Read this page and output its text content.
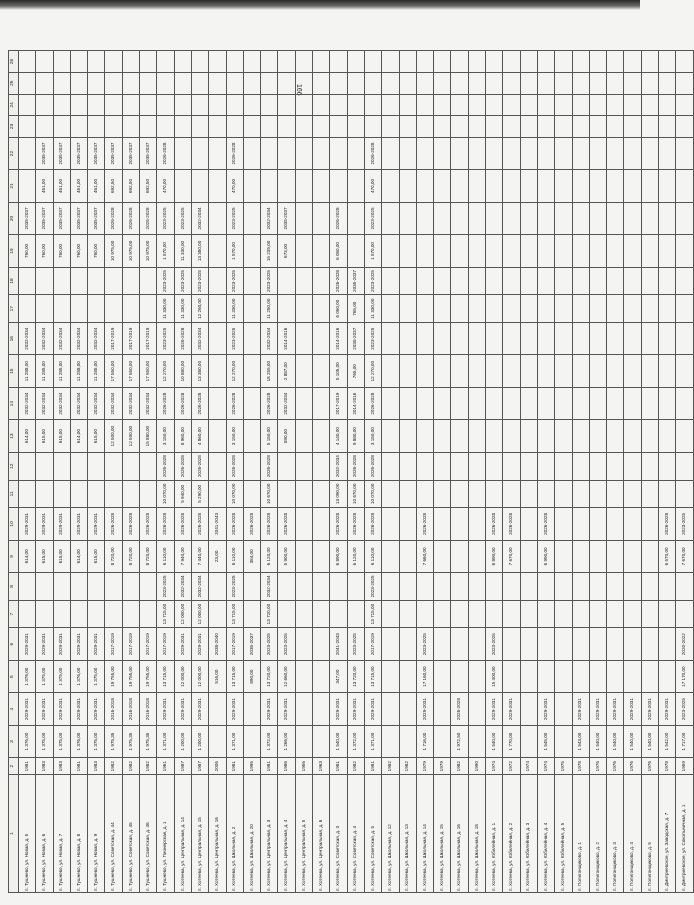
166
1	2	3	4	5	6	7	8	9	10	11	12	13	14	15	16	17	18	19	20	21	22	23	24	25	26
п. Тушнево, ул. Новая, д. 5	1981	1 376,00	2029-2031	1 376,00	2029-2031			614,00	2029-2031			614,00	2032-2034	11 288,00	2032-2034			760,00	2035-2037						
п. Тушнево, ул. Новая, д. 6	1983	1 375,00	2029-2031	1 375,00	2029-2031			615,00	2029-2031			615,00	2032-2034	11 285,00	2032-2034			760,00	2035-2037	461,00	2035-2037				
п. Тушнево, ул. Новая, д. 7	1983	1 375,00	2029-2031	1 375,00	2029-2031			615,00	2029-2031			615,00	2032-2034	11 285,00	2032-2034			760,00	2035-2037	461,00	2035-2037				
п. Тушнево, ул. Новая, д. 8	1981	1 376,00	2029-2031	1 376,00	2029-2031			614,00	2029-2031			614,00	2032-2034	11 288,00	2032-2034			760,00	2035-2037	461,00	2035-2037				
п. Тушнево, ул. Новая, д. 9	1983	1 375,00	2029-2031	1 375,00	2029-2031			615,00	2029-2031			615,00	2032-2034	11 285,00	2032-2034			760,00	2035-2037	461,00	2035-2037				
п. Тушнево, ул. Советская, д. 44	1982	1 975,35	2016-2018	19 755,00	2017-2019			8 720,00	2026-2028			12 500,00	2032-2034	17 550,00	2017-2019			10 975,00	2026-2028	692,50	2035-2037				
п. Тушнево, ул. Советская, д. 45	1982	1 975,35	2016-2018	19 755,00	2017-2019			8 720,00	2026-2028			12 500,00	2032-2034	17 550,00	2017-2019			10 975,00	2026-2028	692,50	2035-2037				
п. Тушнево, ул. Советская, д. 46	1982	1 975,35	2016-2018	19 755,00	2017-2019			8 720,00	2026-2028			15 880,00	2032-2034	17 550,00	2017-2019			10 975,00	2026-2028	692,50	2035-2037				
п. Тушнево, ул. Пионерская, д. 1	1961	1 371,00	2029-2031	13 715,00	2017-2019	13 715,00	2023-2025	6 110,00	2026-2028	10 070,00	2026-2028	3 150,00	2026-2028	12 270,00	2023-2025	11 330,00	2023-2025	1 570,00	2023-2025	470,00	2026-2028				
п. Хотеева, ул. Центральная, д. 14	1987	1 200,00	2029-2031	12 000,00	2029-2031	12 000,00	2032-2034	7 940,00	2026-2028	5 940,00	2026-2028	8 960,00	2026-2028	10 880,00	2026-2028	11 330,00	2023-2025	11 330,00	2023-2025						
п. Хотеева, ул. Центральная, д. 15	1987	1 200,00	2029-2031	12 000,00	2029-2031	12 000,00	2032-2034	7 440,00	2026-2028	5 290,00	2026-2028	4 860,00	2026-2028	13 380,00	2032-2034	12 260,00	2023-2025	13 380,00	2032-2034						
п. Хотеева, ул. Центральная, д. 16	2006			516,00	2038-2040			23,00	2041-2043																
п. Хотеева, ул. Школьная, д. 2	1981	1 371,00	2029-2031	13 715,00	2017-2019	13 715,00	2023-2025	6 110,00	2026-2028	10 070,00	2026-2028	3 150,00	2026-2028	12 270,00	2023-2025	11 330,00	2023-2025	1 570,00	2023-2025	470,00	2026-2028				
п. Хотеева, ул. Школьная, д. 20	1995			890,00	2035-2037			384,00	2026-2028																
п. Хотеева, ул. Центральная, д. 3	1981	1 372,00	2029-2031	13 720,00	2023-2025	13 720,00	2032-2034	6 120,00	2026-2028	10 670,00	2026-2028	5 150,00	2026-2028	18 255,00	2032-2034	11 250,00	2023-2025	15 235,00	2032-2034						
п. Хотеева, ул. Центральная, д. 4	1986	1 266,00	2029-2031	12 660,00	2023-2025			5 900,00	2026-2028			590,00	2032-2034	2 887,00	2014-2016			673,00	2035-2037						
п. Хотеева, ул. Центральная, д. 5	1956																								
п. Хотеева, ул. Центральная, д. 6	1963																								
п. Хотеева, ул. Советская, д. 3	1981	1 540,00	2029-2031	347,00	2041-2043			6 890,00	2026-2028	13 090,00	2032-2034	4 140,00	2017-2019	5 105,00	2014-2016	6 050,00	2026-2028	6 050,00	2026-2028						
п. Хотеева, ул. Советская, д. 4	1982	1 372,00	2029-2031	13 720,00	2023-2025			6 120,00	2026-2028	10 670,00	2026-2028	9 880,00	2014-2016	765,00	2035-2037	765,00	2035-2037								
п. Хотеева, ул. Советская, д. 5	1981	1 371,00	2029-2031	13 715,00	2017-2019	13 715,00	2023-2025	6 110,00	2026-2028	10 070,00	2026-2028	3 150,00	2026-2028	12 270,00	2023-2025	11 330,00	2023-2025	1 570,00	2023-2025	470,00	2026-2028				
п. Хотеева, ул. Школьная, д. 12	1982																								
п. Хотеева, ул. Школьная, д. 13	1982																								
п. Хотеева, ул. Школьная, д. 14	1979	1 716,00	2029-2031	17 160,00	2023-2025			7 660,00	2026-2028																
п. Хотеева, ул. Школьная, д. 15	1979																								
п. Хотеева, ул. Школьная, д. 16	1982	1 972,50	2026-2028																						
п. Хотеева, ул. Школьная, д. 18	1990																								
п. Хотеева, ул. Юбилейная, д. 1	1974	1 540,00	2029-2031	15 400,00	2023-2025			6 890,00	2026-2028																
п. Хотеева, ул. Юбилейная, д. 2	1972	1 770,00	2029-2031					7 670,00	2026-2028																
п. Хотеева, ул. Юбилейная, д. 3	1974																								
п. Хотеева, ул. Юбилейная, д. 4	1974	1 545,00	2029-2031					6 990,00	2026-2028																
п. Хотеева, ул. Юбилейная, д. 5	1975																								
п. Полигонщиково, д. 1	1978	1 543,00	2029-2031																						
п. Полигонщиково, д. 2	1976	1 540,00	2029-2031																						
п. Полигонщиково, д. 3	1976	1 540,00	2029-2031																						
п. Полигонщиково, д. 4	1976	1 540,00	2029-2031																						
п. Полигонщиково, д. 5	1976	1 540,00	2029-2031																						
п. Дмитриевское, ул. Заводская, д. 7	1978	1 542,00	2029-2031					6 570,00	2026-2028																
п. Дмитриевское, ул. Сокольничная, д. 1	1959	1 717,00	2023-2025	17 170,00	2020-2022			7 670,00	2023-2025																
